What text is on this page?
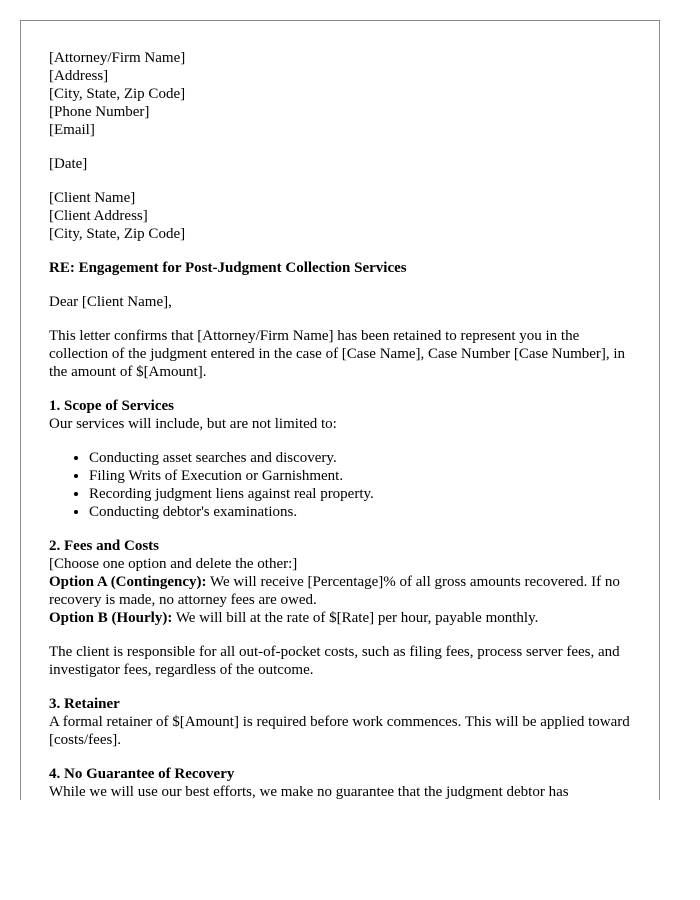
[Attorney/Firm Name]
[Address]
[City, State, Zip Code]
[Phone Number]
[Email]
[Date]
[Client Name]
[Client Address]
[City, State, Zip Code]
RE: Engagement for Post-Judgment Collection Services

Dear [Client Name],

This letter confirms that [Attorney/Firm Name] has been retained to represent you in the collection of the judgment entered in the case of [Case Name], Case Number [Case Number], in the amount of $[Amount].

1. Scope of Services
Our services will include, but are not limited to:
• Conducting asset searches and discovery.
• Filing Writs of Execution or Garnishment.
• Recording judgment liens against real property.
• Conducting debtor's examinations.
2. Fees and Costs
[Choose one option and delete the other:]
Option A (Contingency): We will receive [Percentage]% of all gross amounts recovered. If no recovery is made, no attorney fees are owed.
Option B (Hourly): We will bill at the rate of $[Rate] per hour, payable monthly.

The client is responsible for all out-of-pocket costs, such as filing fees, process server fees, and investigator fees, regardless of the outcome.

3. Retainer
A formal retainer of $[Amount] is required before work commences. This will be applied toward [costs/fees].
4. No Guarantee of Recovery
While we will use our best efforts, we make no guarantee that the judgment debtor has
